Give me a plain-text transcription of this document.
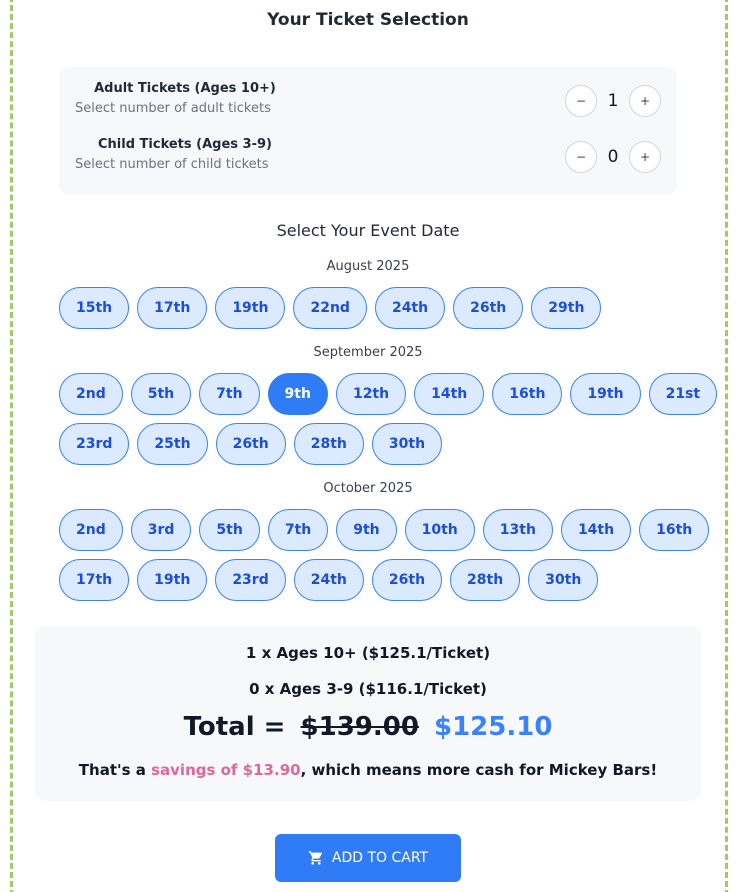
Your Ticket Selection
Adult Tickets (Ages 10+)
Select number of adult tickets	−	1	+
Child Tickets (Ages 3-9)
Select number of child tickets	−	0	+
Select Your Event Date
August 2025
15th	17th	19th	22nd	24th	26th	29th
September 2025
2nd	5th	7th	9th	12th	14th	16th	19th	21st
23rd	25th	26th	28th	30th
October 2025
2nd	3rd	5th	7th	9th	10th	13th	14th	16th
17th	19th	23rd	24th	26th	28th	30th
1 x Ages 10+ ($125.1/Ticket)
0 x Ages 3-9 ($116.1/Ticket)
Total = $139.00 $125.10
That's a savings of $13.90, which means more cash for Mickey Bars!
ADD TO CART
